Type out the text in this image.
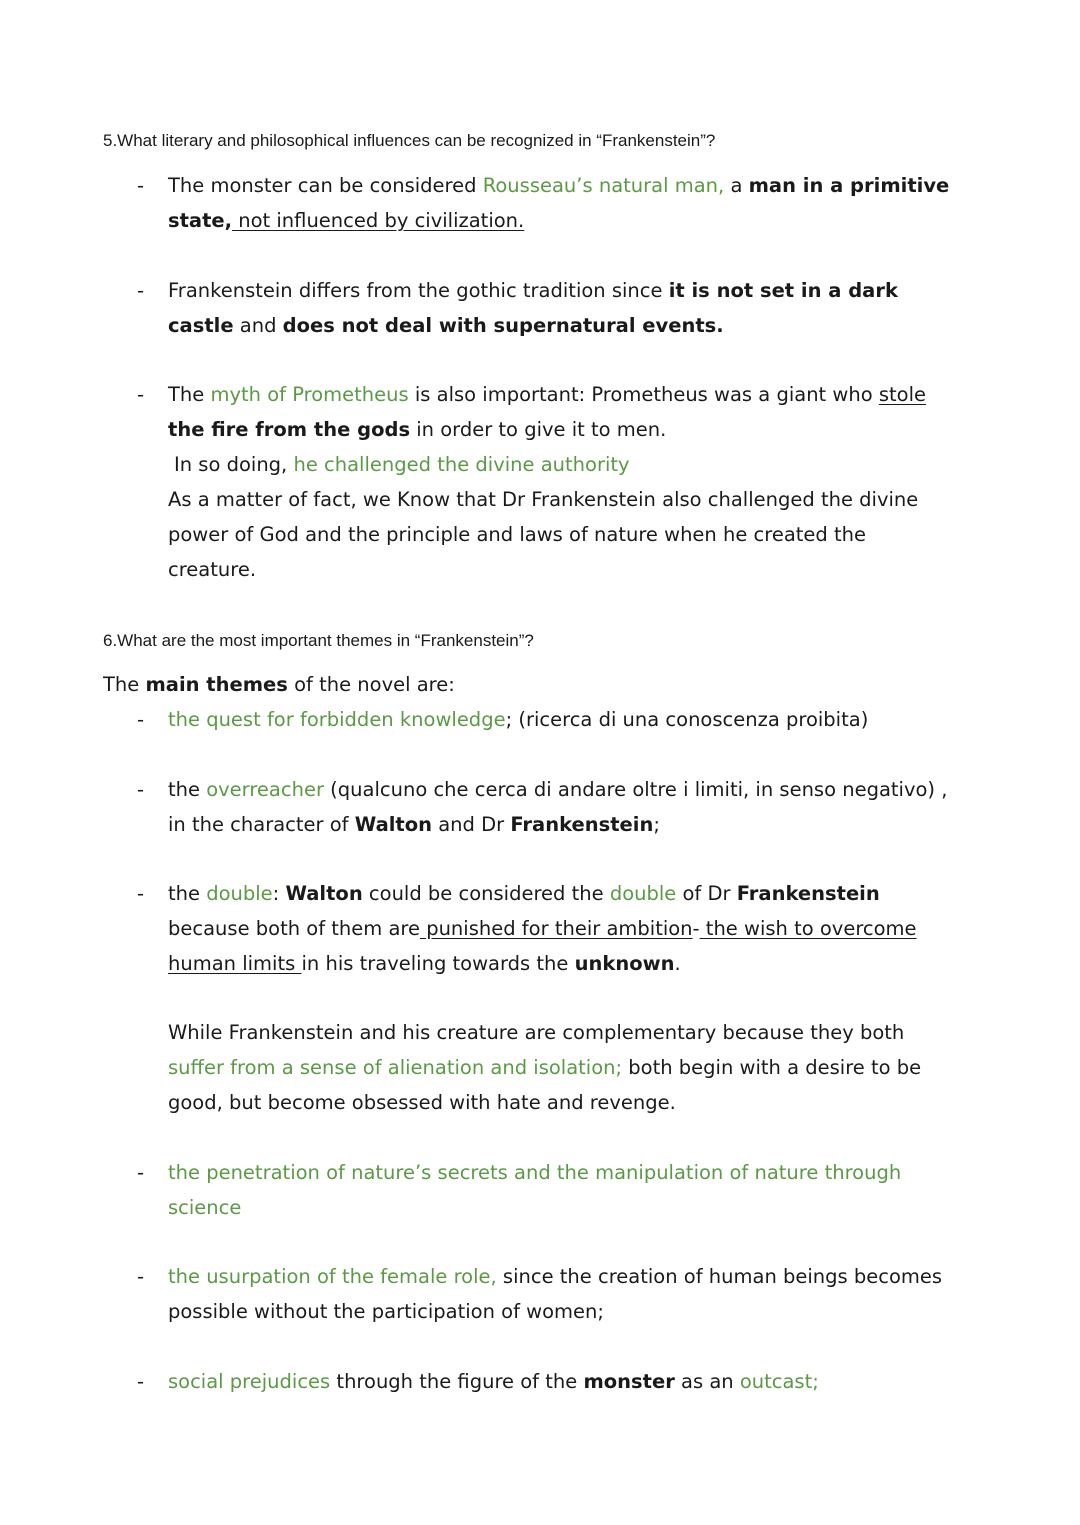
5.What literary and philosophical influences can be recognized in “Frankenstein”?
- The monster can be considered Rousseau’s natural man, a man in a primitive
state, not influenced by civilization.
- Frankenstein differs from the gothic tradition since it is not set in a dark
castle and does not deal with supernatural events.
- The myth of Prometheus is also important: Prometheus was a giant who stole
the fire from the gods in order to give it to men.
In so doing, he challenged the divine authority
As a matter of fact, we Know that Dr Frankenstein also challenged the divine
power of God and the principle and laws of nature when he created the
creature.
6.What are the most important themes in “Frankenstein”?
The main themes of the novel are:
- the quest for forbidden knowledge; (ricerca di una conoscenza proibita)
- the overreacher (qualcuno che cerca di andare oltre i limiti, in senso negativo) ,
in the character of Walton and Dr Frankenstein;
- the double: Walton could be considered the double of Dr Frankenstein
because both of them are punished for their ambition- the wish to overcome
human limits in his traveling towards the unknown.
While Frankenstein and his creature are complementary because they both
suffer from a sense of alienation and isolation; both begin with a desire to be
good, but become obsessed with hate and revenge.
- the penetration of nature’s secrets and the manipulation of nature through
science
- the usurpation of the female role, since the creation of human beings becomes
possible without the participation of women;
- social prejudices through the figure of the monster as an outcast;
